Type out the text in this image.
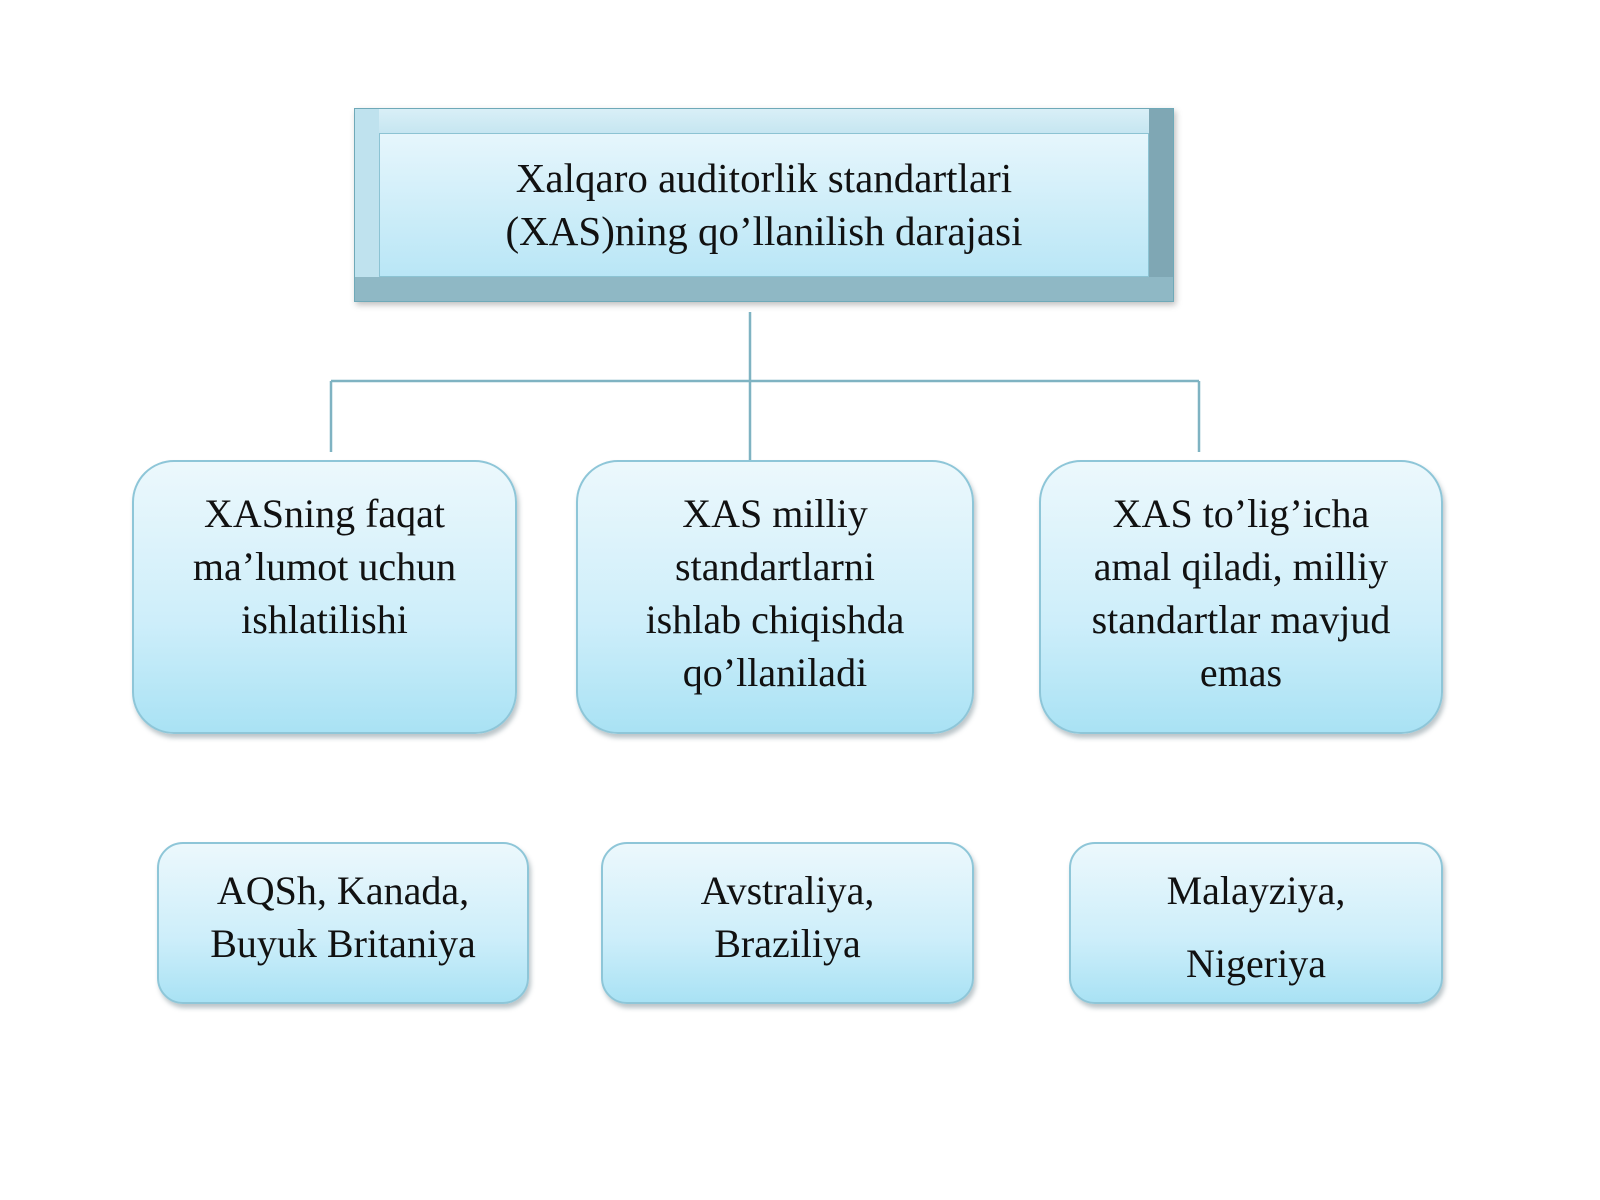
Xalqaro auditorlik standartlari
(XAS)ning qo’llanilish darajasi
XASning faqat
ma’lumot uchun
ishlatilishi
XAS milliy
standartlarni
ishlab chiqishda
qo’llaniladi
XAS to’lig’icha
amal qiladi, milliy
standartlar mavjud
emas
AQSh, Kanada,
Buyuk Britaniya
Avstraliya,
Braziliya
Malayziya,
Nigeriya
